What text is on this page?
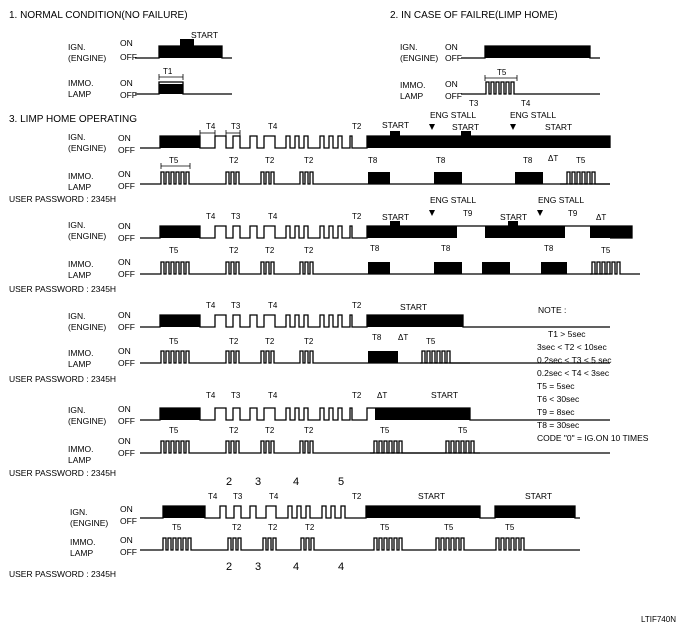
1. NORMAL CONDITION(NO FAILURE)	2. IN CASE OF FAILRE(LIMP HOME)
3. LIMP HOME OPERATING
IGN.
(ENGINE)
ON
OFF
START
IMMO.
LAMP
ON
OFF
T1
IGN.
(ENGINE)
ON
OFF
IMMO.
LAMP
ON
OFF
T5
T3	T4
IGN.
(ENGINE)
ON
OFF
IMMO.
LAMP
ON
OFF
USER PASSWORD : 2345H
T4 T3	T4	T2 START
ENG STALL
START
ENG STALL
START
T5	T2	T2	T2	T8	T8	T8 ΔT T5
IGN.
(ENGINE)
ON
OFF
IMMO.
LAMP
ON
OFF
USER PASSWORD : 2345H
T4 T3	T4	T2 START
ENG STALL
T9	START
ENG STALL
T9 ΔT
T5	T2	T2	T2	T8	T8	T8	T5
IGN.
(ENGINE)
ON
OFF
IMMO.
LAMP
ON
OFF
USER PASSWORD : 2345H
T4 T3	T4	T2	START
T5	T2	T2	T2	T8 ΔT T5
IGN.
(ENGINE)
ON
OFF
IMMO.
LAMP
ON
OFF
USER PASSWORD : 2345H
T4 T3	T4	T2 ΔT	START
T5	T2	T2	T2	T5	T5
2 3	4	5
IGN.
(ENGINE)
ON
OFF
IMMO.
LAMP
ON
OFF
USER PASSWORD : 2345H
2 3	4	4
T4 T3	T4	T2	START	START
T5	T2	T2	T2	T5	T5	T5
NOTE :
T1 > 5sec
3sec < T2 < 10sec
0.2sec < T3 < 5 sec
0.2sec < T4 < 3sec
T5 = 5sec
T6 < 30sec
T9 = 8sec
T8 = 30sec
CODE "0" = IG.ON 10 TIMES
LTIF740N
